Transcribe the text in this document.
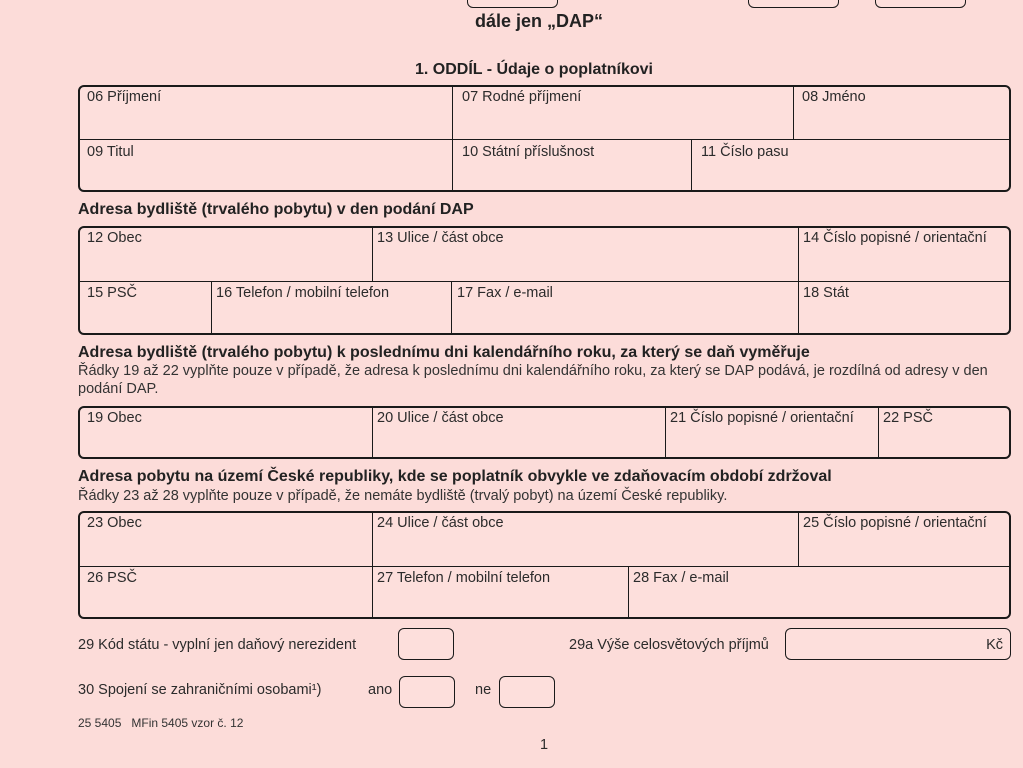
dále jen „DAP“
1. ODDÍL - Údaje o poplatníkovi
06 Příjmení	07 Rodné příjmení	08 Jméno
09 Titul	10 Státní příslušnost	11 Číslo pasu
Adresa bydliště (trvalého pobytu) v den podání DAP
12 Obec	13 Ulice / část obce	14 Číslo popisné / orientační
15 PSČ	16 Telefon / mobilní telefon	17 Fax / e-mail	18 Stát
Adresa bydliště (trvalého pobytu) k poslednímu dni kalendářního roku, za který se daň vyměřuje
Řádky 19 až 22 vyplňte pouze v případě, že adresa k poslednímu dni kalendářního roku, za který se DAP podává, je rozdílná od adresy v den podání DAP.
19 Obec	20 Ulice / část obce	21 Číslo popisné / orientační 22 PSČ
Adresa pobytu na území České republiky, kde se poplatník obvykle ve zdaňovacím období zdržoval
Řádky 23 až 28 vyplňte pouze v případě, že nemáte bydliště (trvalý pobyt) na území České republiky.
23 Obec	24 Ulice / část obce	25 Číslo popisné / orientační
26 PSČ	27 Telefon / mobilní telefon	28 Fax / e-mail
29 Kód státu - vyplní jen daňový nerezident	29a Výše celosvětových příjmů	Kč
30 Spojení se zahraničními osobami¹)	ano	ne
25 5405   MFin 5405 vzor č. 12
1
